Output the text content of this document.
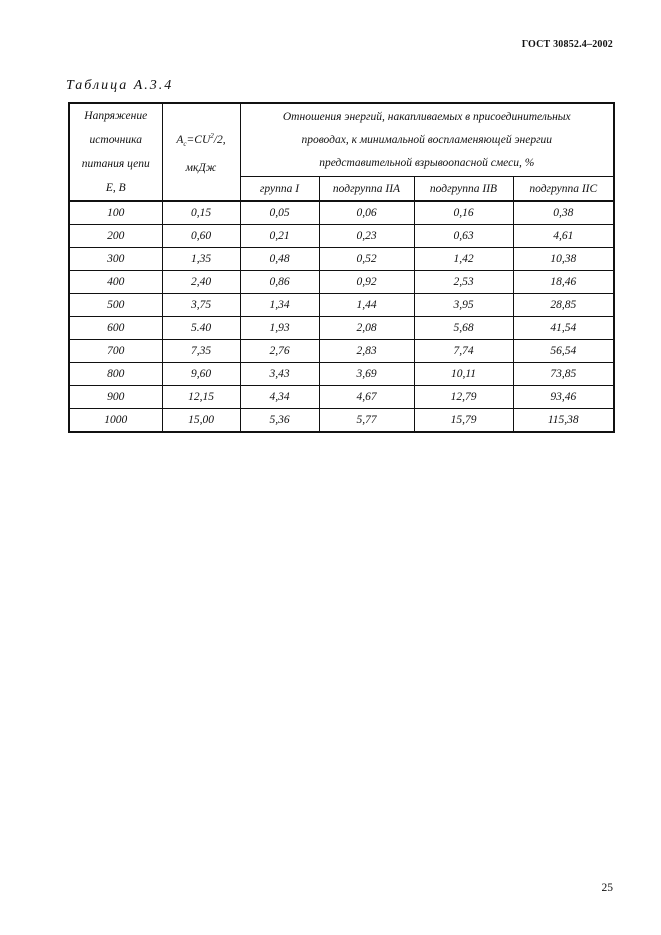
ГОСТ 30852.4–2002
Таблица А.3.4
Напряжение
источника
питания цепи
E, В	$A_c=CU^2/2$,
мкДж	Отношения энергий, накапливаемых в присоединительных
проводах, к минимальной воспламеняющей энергии
представительной взрывоопасной смеси, %			

		группа I	подгруппа IIA	подгруппа IIB	подгруппа IIC
100	0,15	0,05	0,06	0,16	0,38
200	0,60	0,21	0,23	0,63	4,61
300	1,35	0,48	0,52	1,42	10,38
400	2,40	0,86	0,92	2,53	18,46
500	3,75	1,34	1,44	3,95	28,85
600	5.40	1,93	2,08	5,68	41,54
700	7,35	2,76	2,83	7,74	56,54
800	9,60	3,43	3,69	10,11	73,85
900	12,15	4,34	4,67	12,79	93,46
1000	15,00	5,36	5,77	15,79	115,38
25
